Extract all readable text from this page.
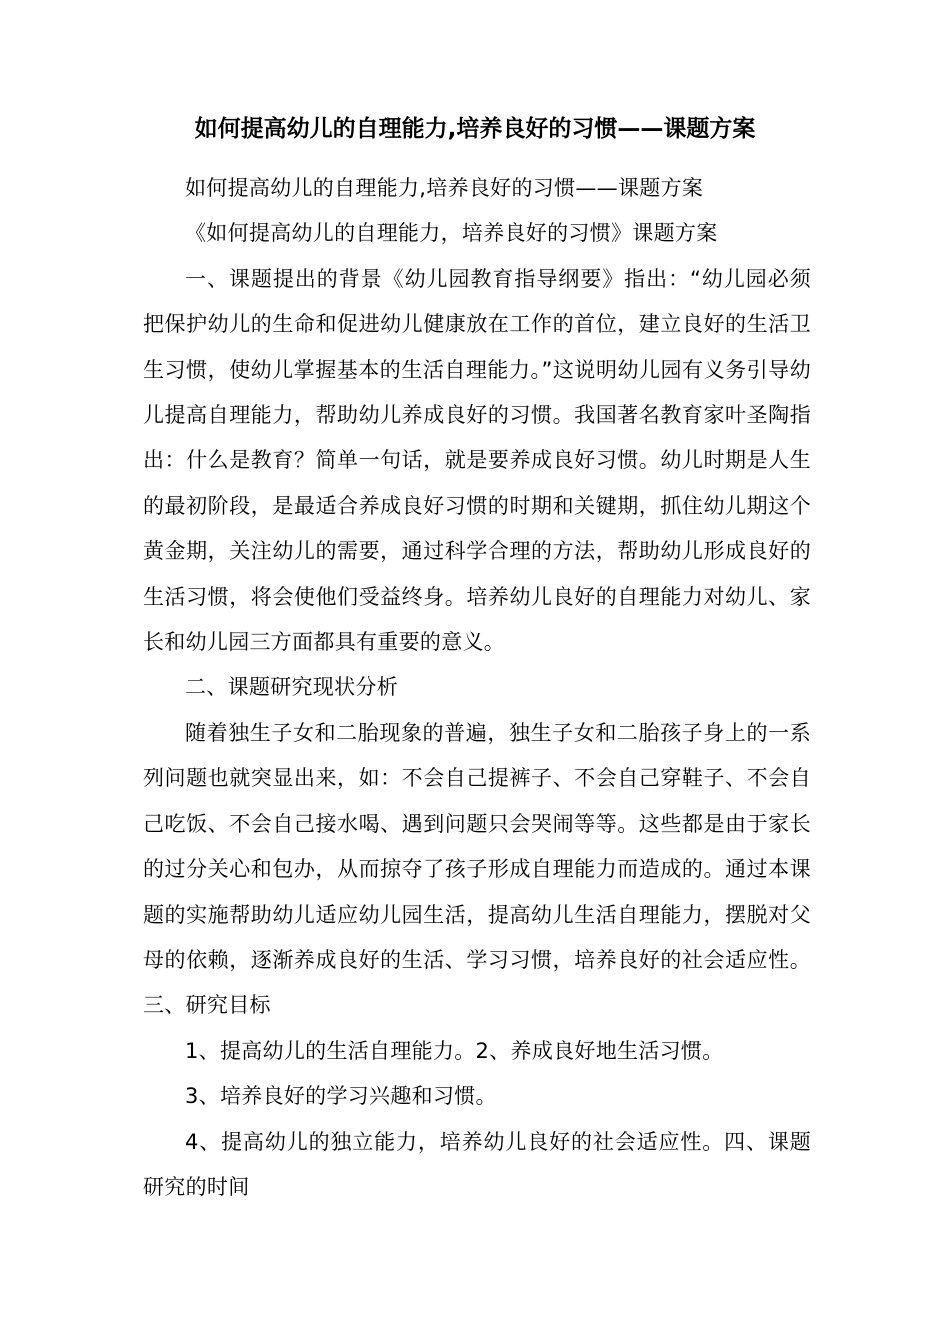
如何提高幼儿的自理能力,培养良好的习惯——课题方案

如何提高幼儿的自理能力,培养良好的习惯——课题方案

《如何提高幼儿的自理能力，培养良好的习惯》课题方案

一、课题提出的背景《幼儿园教育指导纲要》指出：“幼儿园必须把保护幼儿的生命和促进幼儿健康放在工作的首位，建立良好的生活卫生习惯，使幼儿掌握基本的生活自理能力。”这说明幼儿园有义务引导幼儿提高自理能力，帮助幼儿养成良好的习惯。我国著名教育家叶圣陶指出：什么是教育？简单一句话，就是要养成良好习惯。幼儿时期是人生的最初阶段，是最适合养成良好习惯的时期和关键期，抓住幼儿期这个黄金期，关注幼儿的需要，通过科学合理的方法，帮助幼儿形成良好的生活习惯，将会使他们受益终身。培养幼儿良好的自理能力对幼儿、家长和幼儿园三方面都具有重要的意义。

二、课题研究现状分析

随着独生子女和二胎现象的普遍，独生子女和二胎孩子身上的一系列问题也就突显出来，如：不会自己提裤子、不会自己穿鞋子、不会自己吃饭、不会自己接水喝、遇到问题只会哭闹等等。这些都是由于家长的过分关心和包办，从而掠夺了孩子形成自理能力而造成的。通过本课题的实施帮助幼儿适应幼儿园生活，提高幼儿生活自理能力，摆脱对父母的依赖，逐渐养成良好的生活、学习习惯，培养良好的社会适应性。三、研究目标

1、提高幼儿的生活自理能力。2、养成良好地生活习惯。

3、培养良好的学习兴趣和习惯。

4、提高幼儿的独立能力，培养幼儿良好的社会适应性。四、课题研究的时间
